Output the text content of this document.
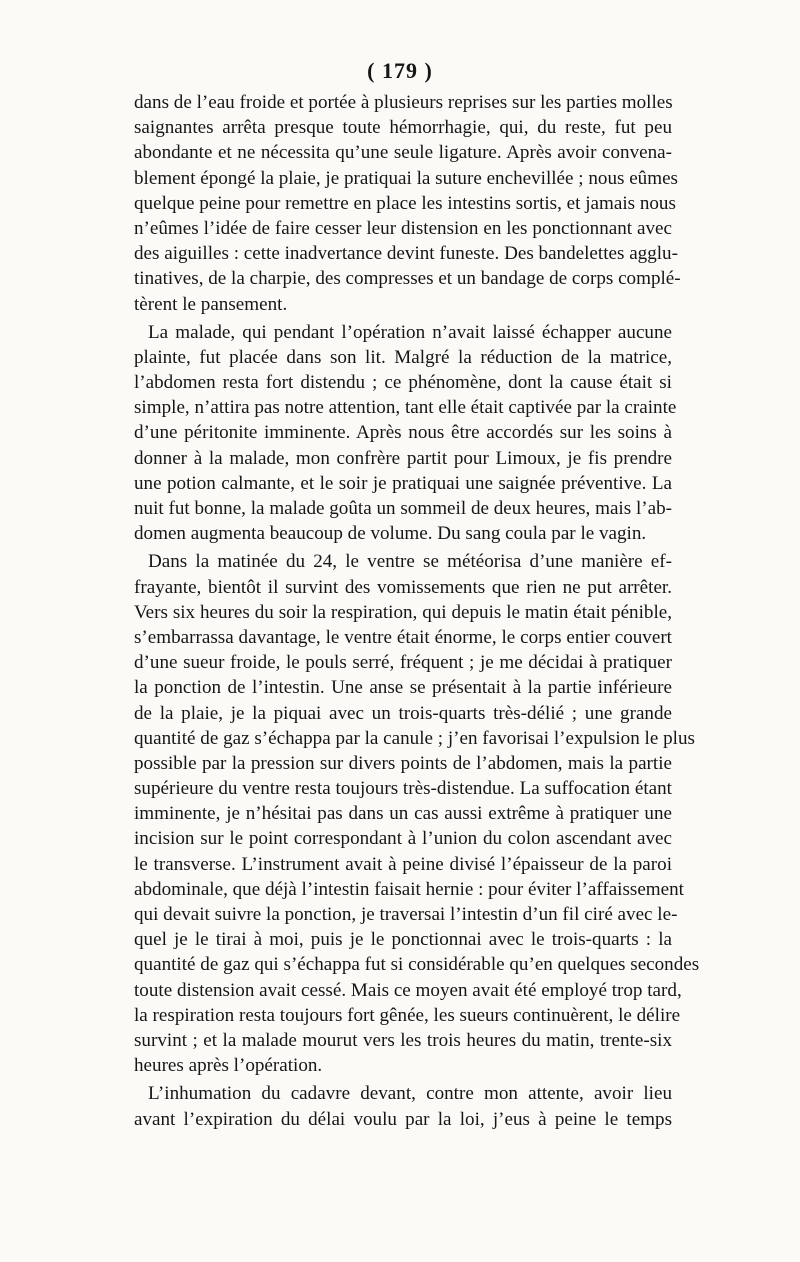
( 179 )
dans de l’eau froide et portée à plusieurs reprises sur les parties molles
saignantes arrêta presque toute hémorrhagie, qui, du reste, fut peu
abondante et ne nécessita qu’une seule ligature. Après avoir convena-
blement épongé la plaie, je pratiquai la suture enchevillée ; nous eûmes
quelque peine pour remettre en place les intestins sortis, et jamais nous
n’eûmes l’idée de faire cesser leur distension en les ponctionnant avec
des aiguilles : cette inadvertance devint funeste. Des bandelettes agglu-
tinatives, de la charpie, des compresses et un bandage de corps complé-
tèrent le pansement.
La malade, qui pendant l’opération n’avait laissé échapper aucune
plainte, fut placée dans son lit. Malgré la réduction de la matrice,
l’abdomen resta fort distendu ; ce phénomène, dont la cause était si
simple, n’attira pas notre attention, tant elle était captivée par la crainte
d’une péritonite imminente. Après nous être accordés sur les soins à
donner à la malade, mon confrère partit pour Limoux, je fis prendre
une potion calmante, et le soir je pratiquai une saignée préventive. La
nuit fut bonne, la malade goûta un sommeil de deux heures, mais l’ab-
domen augmenta beaucoup de volume. Du sang coula par le vagin.
Dans la matinée du 24, le ventre se météorisa d’une manière ef-
frayante, bientôt il survint des vomissements que rien ne put arrêter.
Vers six heures du soir la respiration, qui depuis le matin était pénible,
s’embarrassa davantage, le ventre était énorme, le corps entier couvert
d’une sueur froide, le pouls serré, fréquent ; je me décidai à pratiquer
la ponction de l’intestin. Une anse se présentait à la partie inférieure
de la plaie, je la piquai avec un trois-quarts très-délié ; une grande
quantité de gaz s’échappa par la canule ; j’en favorisai l’expulsion le plus
possible par la pression sur divers points de l’abdomen, mais la partie
supérieure du ventre resta toujours très-distendue. La suffocation étant
imminente, je n’hésitai pas dans un cas aussi extrême à pratiquer une
incision sur le point correspondant à l’union du colon ascendant avec
le transverse. L’instrument avait à peine divisé l’épaisseur de la paroi
abdominale, que déjà l’intestin faisait hernie : pour éviter l’affaissement
qui devait suivre la ponction, je traversai l’intestin d’un fil ciré avec le-
quel je le tirai à moi, puis je le ponctionnai avec le trois-quarts : la
quantité de gaz qui s’échappa fut si considérable qu’en quelques secondes
toute distension avait cessé. Mais ce moyen avait été employé trop tard,
la respiration resta toujours fort gênée, les sueurs continuèrent, le délire
survint ; et la malade mourut vers les trois heures du matin, trente-six
heures après l’opération.
L’inhumation du cadavre devant, contre mon attente, avoir lieu
avant l’expiration du délai voulu par la loi, j’eus à peine le temps
